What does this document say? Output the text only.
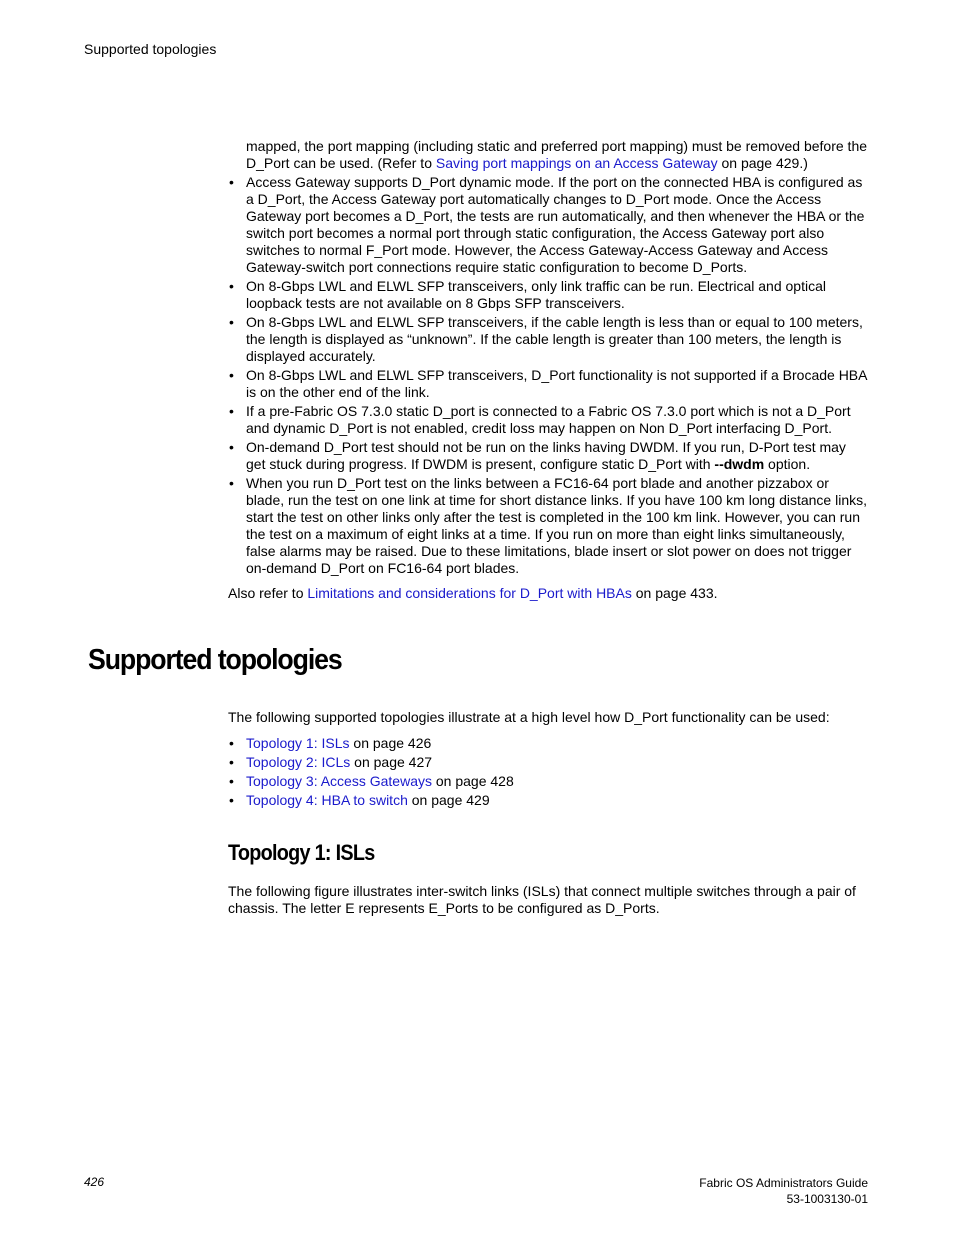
Supported topologies

mapped, the port mapping (including static and preferred port mapping) must be removed before the D_Port can be used. (Refer to Saving port mappings on an Access Gateway on page 429.)

• Access Gateway supports D_Port dynamic mode. If the port on the connected HBA is configured as a D_Port, the Access Gateway port automatically changes to D_Port mode. Once the Access Gateway port becomes a D_Port, the tests are run automatically, and then whenever the HBA or the switch port becomes a normal port through static configuration, the Access Gateway port also switches to normal F_Port mode. However, the Access Gateway-Access Gateway and Access Gateway-switch port connections require static configuration to become D_Ports.
• On 8-Gbps LWL and ELWL SFP transceivers, only link traffic can be run. Electrical and optical loopback tests are not available on 8 Gbps SFP transceivers.
• On 8-Gbps LWL and ELWL SFP transceivers, if the cable length is less than or equal to 100 meters, the length is displayed as “unknown”. If the cable length is greater than 100 meters, the length is displayed accurately.
• On 8-Gbps LWL and ELWL SFP transceivers, D_Port functionality is not supported if a Brocade HBA is on the other end of the link.
• If a pre-Fabric OS 7.3.0 static D_port is connected to a Fabric OS 7.3.0 port which is not a D_Port and dynamic D_Port is not enabled, credit loss may happen on Non D_Port interfacing D_Port.
• On-demand D_Port test should not be run on the links having DWDM. If you run, D-Port test may get stuck during progress. If DWDM is present, configure static D_Port with --dwdm option.
• When you run D_Port test on the links between a FC16-64 port blade and another pizzabox or blade, run the test on one link at time for short distance links. If you have 100 km long distance links, start the test on other links only after the test is completed in the 100 km link. However, you can run the test on a maximum of eight links at a time. If you run on more than eight links simultaneously, false alarms may be raised. Due to these limitations, blade insert or slot power on does not trigger on-demand D_Port on FC16-64 port blades.
Also refer to Limitations and considerations for D_Port with HBAs on page 433.
Supported topologies
The following supported topologies illustrate at a high level how D_Port functionality can be used:
• Topology 1: ISLs on page 426
• Topology 2: ICLs on page 427
• Topology 3: Access Gateways on page 428
• Topology 4: HBA to switch on page 429
Topology 1: ISLs
The following figure illustrates inter-switch links (ISLs) that connect multiple switches through a pair of chassis. The letter E represents E_Ports to be configured as D_Ports.
426	Fabric OS Administrators Guide
53-1003130-01
